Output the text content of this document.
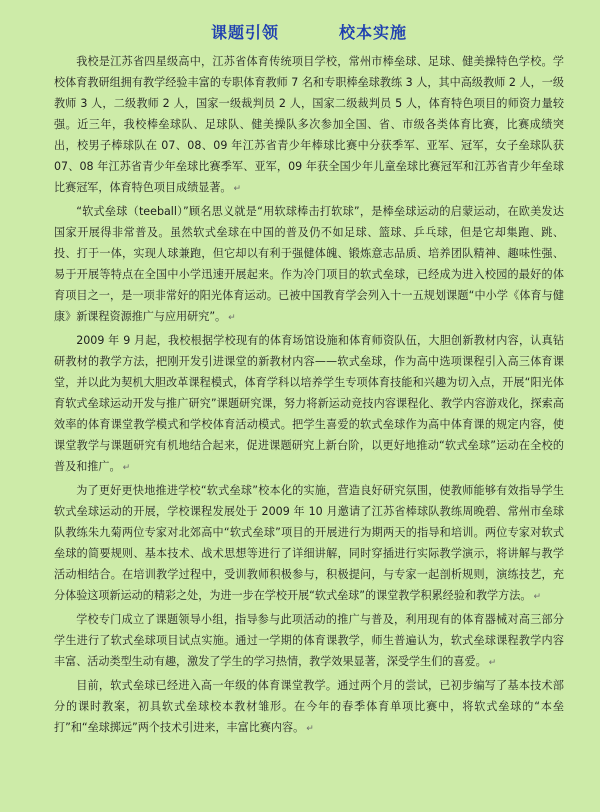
课题引领	校本实施

我校是江苏省四星级高中，江苏省体育传统项目学校，常州市棒垒球、足球、健美操特色学校。学校体育教研组拥有教学经验丰富的专职体育教师 7 名和专职棒垒球教练 3 人，其中高级教师 2 人，一级教师 3 人，二级教师 2 人，国家一级裁判员 2 人，国家二级裁判员 5 人，体育特色项目的师资力量较强。近三年，我校棒垒球队、足球队、健美操队多次参加全国、省、市级各类体育比赛，比赛成绩突出，校男子棒球队在 07、08、09 年江苏省青少年棒球比赛中分获季军、亚军、冠军，女子垒球队获 07、08 年江苏省青少年垒球比赛季军、亚军，09 年获全国少年儿童垒球比赛冠军和江苏省青少年垒球比赛冠军，体育特色项目成绩显著。 ↵

“软式垒球（teeball）”顾名思义就是“用软球棒击打软球”，是棒垒球运动的启蒙运动，在欧美发达国家开展得非常普及。虽然软式垒球在中国的普及仍不如足球、篮球、乒乓球，但是它却集跑、跳、投、打于一体，实现人球兼跑，但它却以有利于强健体魄、锻炼意志品质、培养团队精神、趣味性强、易于开展等特点在全国中小学迅速开展起来。作为冷门项目的软式垒球，已经成为进入校园的最好的体育项目之一，是一项非常好的阳光体育运动。已被中国教育学会列入十一五规划课题“中小学《体育与健康》新课程资源推广与应用研究”。 ↵

2009 年 9 月起，我校根据学校现有的体育场馆设施和体育师资队伍，大胆创新教材内容，认真钻研教材的教学方法，把刚开发引进课堂的新教材内容——软式垒球，作为高中选项课程引入高三体育课堂，并以此为契机大胆改革课程模式，体育学科以培养学生专项体育技能和兴趣为切入点，开展“阳光体育软式垒球运动开发与推广研究”课题研究课，努力将新运动竞技内容课程化、教学内容游戏化，探索高效率的体育课堂教学模式和学校体育活动模式。把学生喜爱的软式垒球作为高中体育课的规定内容，使课堂教学与课题研究有机地结合起来，促进课题研究上新台阶，以更好地推动“软式垒球”运动在全校的普及和推广。 ↵

为了更好更快地推进学校“软式垒球”校本化的实施，营造良好研究氛围，使教师能够有效指导学生软式垒球运动的开展，学校课程发展处于 2009 年 10 月邀请了江苏省棒球队教练周晚碧、常州市垒球队教练朱九菊两位专家对北郊高中“软式垒球”项目的开展进行为期两天的指导和培训。两位专家对软式垒球的简要规则、基本技术、战术思想等进行了详细讲解，同时穿插进行实际教学演示，将讲解与教学活动相结合。在培训教学过程中，受训教师积极参与，积极提问，与专家一起剖析规则，演练技艺，充分体验这项新运动的精彩之处，为进一步在学校开展“软式垒球”的课堂教学积累经验和教学方法。 ↵

学校专门成立了课题领导小组，指导参与此项活动的推广与普及，利用现有的体育器械对高三部分学生进行了软式垒球项目试点实施。通过一学期的体育课教学，师生普遍认为，软式垒球课程教学内容丰富、活动类型生动有趣，激发了学生的学习热情，教学效果显著，深受学生们的喜爱。 ↵

目前，软式垒球已经进入高一年级的体育课堂教学。通过两个月的尝试，已初步编写了基本技术部分的课时教案，初具软式垒球校本教材雏形。在今年的春季体育单项比赛中，将软式垒球的“本垒打”和“垒球掷远”两个技术引进来，丰富比赛内容。 ↵
